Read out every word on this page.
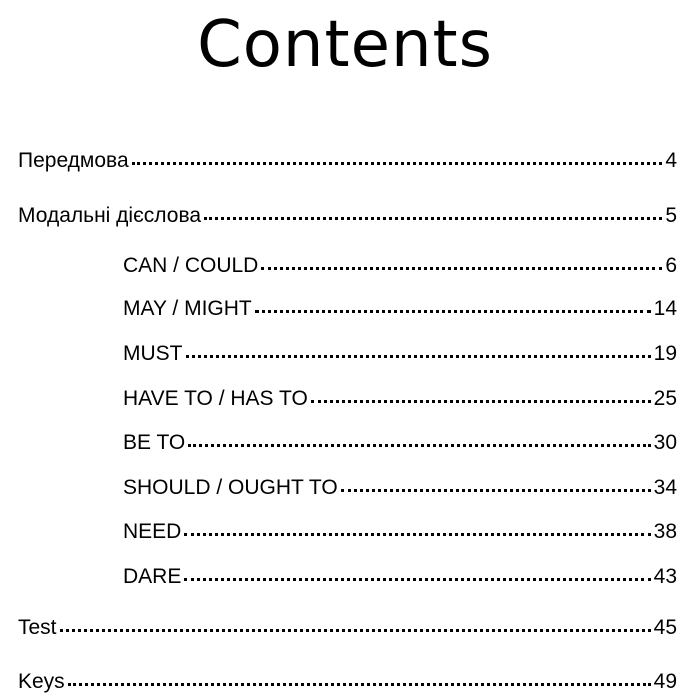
Contents
Передмова	4
Модальні дієслова	5
CAN / COULD	6
MAY / MIGHT	14
MUST	19
HAVE TO / HAS TO	25
BE TO	30
SHOULD / OUGHT TO	34
NEED	38
DARE	43
Test	45
Keys	49
